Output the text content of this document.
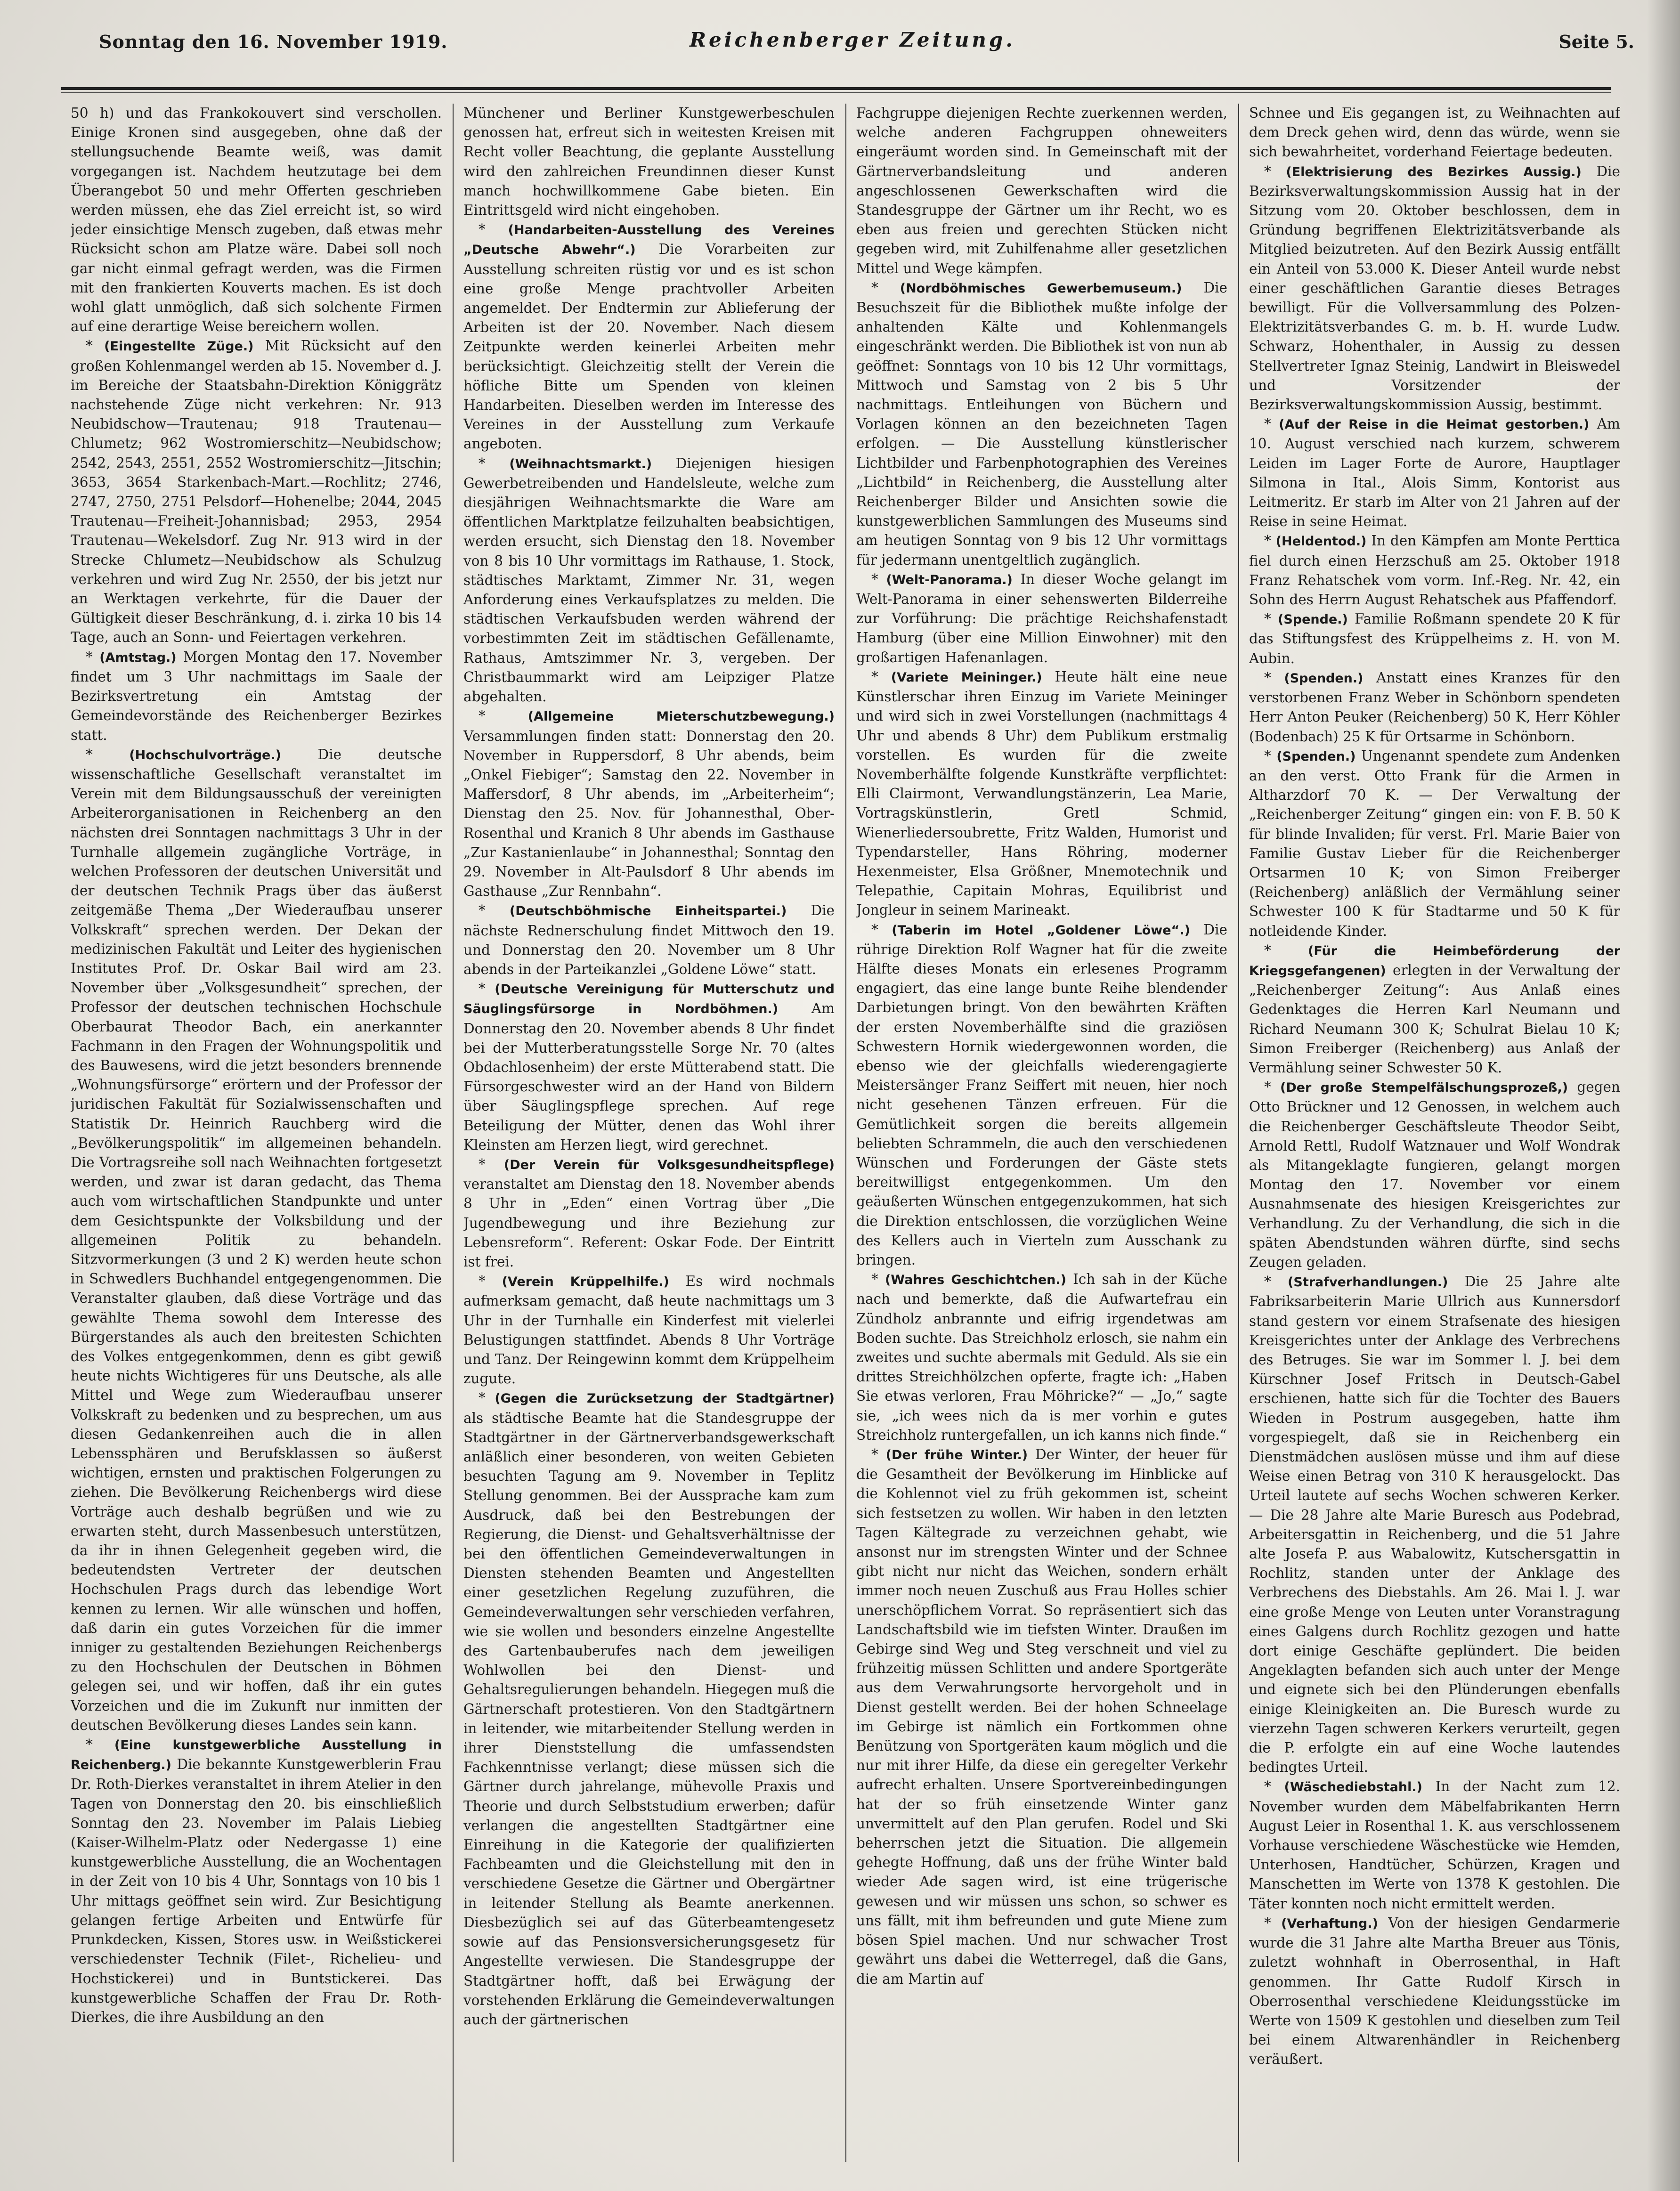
Sonntag den 16. November 1919.	Reichenberger Zeitung.	Seite 5.

50 h) und das Frankokouvert sind verschollen. Einige Kronen sind ausgegeben, ohne daß der stellungsuchende Beamte weiß, was damit vorgegangen ist. Nachdem heutzutage bei dem Überangebot 50 und mehr Offerten geschrieben werden müssen, ehe das Ziel erreicht ist, so wird jeder einsichtige Mensch zugeben, daß etwas mehr Rücksicht schon am Platze wäre. Dabei soll noch gar nicht einmal gefragt werden, was die Firmen mit den frankierten Kouverts machen. Es ist doch wohl glatt unmöglich, daß sich solchente Firmen auf eine derartige Weise bereichern wollen.

* (Eingestellte Züge.) Mit Rücksicht auf den großen Kohlenmangel werden ab 15. November d. J. im Bereiche der Staatsbahn-Direktion Königgrätz nachstehende Züge nicht verkehren: Nr. 913 Neubidschow—Trautenau; 918 Trautenau—Chlumetz; 962 Wostromierschitz—Neubidschow; 2542, 2543, 2551, 2552 Wostromierschitz—Jitschin; 3653, 3654 Starkenbach-Mart.—Rochlitz; 2746, 2747, 2750, 2751 Pelsdorf—Hohenelbe; 2044, 2045 Trautenau—Freiheit-Johannisbad; 2953, 2954 Trautenau—Wekelsdorf. Zug Nr. 913 wird in der Strecke Chlumetz—Neubidschow als Schulzug verkehren und wird Zug Nr. 2550, der bis jetzt nur an Werktagen verkehrte, für die Dauer der Gültigkeit dieser Beschränkung, d. i. zirka 10 bis 14 Tage, auch an Sonn- und Feiertagen verkehren.

* (Amtstag.) Morgen Montag den 17. November findet um 3 Uhr nachmittags im Saale der Bezirksvertretung ein Amtstag der Gemeindevorstände des Reichenberger Bezirkes statt.

* (Hochschulvorträge.)	Die deutsche wissenschaftliche Gesellschaft veranstaltet im Verein mit dem Bildungsausschuß der vereinigten Arbeiterorganisationen in Reichenberg an den nächsten drei Sonntagen nachmittags 3 Uhr in der Turnhalle allgemein zugängliche Vorträge, in welchen Professoren der deutschen Universität und der deutschen Technik Prags über das äußerst zeitgemäße Thema „Der Wiederaufbau unserer Volkskraft“ sprechen werden. Der Dekan der medizinischen Fakultät und Leiter des hygienischen Institutes Prof. Dr. Oskar Bail wird am 23. November über „Volksgesundheit“ sprechen, der Professor der deutschen technischen Hochschule Oberbaurat Theodor Bach, ein anerkannter Fachmann in den Fragen der Wohnungspolitik und des Bauwesens, wird die jetzt besonders brennende „Wohnungsfürsorge“ erörtern und der Professor der juridischen Fakultät für Sozialwissenschaften und Statistik Dr. Heinrich Rauchberg wird die „Bevölkerungspolitik“ im allgemeinen behandeln. Die Vortragsreihe soll nach Weihnachten fortgesetzt werden, und zwar ist daran gedacht, das Thema auch vom wirtschaftlichen Standpunkte und unter dem Gesichtspunkte der Volksbildung und der allgemeinen Politik zu behandeln. Sitzvormerkungen (3 und 2 K) werden heute schon in Schwedlers Buchhandel entgegengenommen. Die Veranstalter glauben, daß diese Vorträge und das gewählte Thema sowohl dem Interesse des Bürgerstandes als auch den breitesten Schichten des Volkes entgegenkommen, denn es gibt gewiß heute nichts Wichtigeres für uns Deutsche, als alle Mittel und Wege zum Wiederaufbau unserer Volkskraft zu bedenken und zu besprechen, um aus diesen Gedankenreihen auch die in allen Lebenssphären und Berufsklassen so äußerst wichtigen, ernsten und praktischen Folgerungen zu ziehen. Die Bevölkerung Reichenbergs wird diese Vorträge auch deshalb begrüßen und wie zu erwarten steht, durch Massenbesuch unterstützen, da ihr in ihnen Gelegenheit gegeben wird, die bedeutendsten Vertreter der deutschen Hochschulen Prags durch das lebendige Wort kennen zu lernen. Wir alle wünschen und hoffen, daß darin ein gutes Vorzeichen für die immer inniger zu gestaltenden Beziehungen Reichenbergs zu den Hochschulen der Deutschen in Böhmen gelegen sei, und wir hoffen, daß ihr ein gutes Vorzeichen und die im Zukunft nur inmitten der deutschen Bevölkerung dieses Landes sein kann.

* (Eine kunstgewerbliche Ausstellung in Reichenberg.) Die bekannte Kunstgewerblerin Frau Dr. Roth-Dierkes veranstaltet in ihrem Atelier in den Tagen von Donnerstag den 20. bis einschließlich Sonntag den 23. November im Palais Liebieg (Kaiser-Wilhelm-Platz oder Nedergasse 1) eine kunstgewerbliche Ausstellung, die an Wochentagen in der Zeit von 10 bis 4 Uhr, Sonntags von 10 bis 1 Uhr mittags geöffnet sein wird. Zur Besichtigung gelangen fertige Arbeiten und Entwürfe für Prunkdecken, Kissen, Stores usw. in Weißstickerei verschiedenster Technik (Filet-, Richelieu- und Hochstickerei) und in Buntstickerei. Das kunstgewerbliche Schaffen der Frau Dr. Roth-Dierkes, die ihre Ausbildung an den

Münchener und Berliner Kunstgewerbeschulen genossen hat, erfreut sich in weitesten Kreisen mit Recht voller Beachtung, die geplante Ausstellung wird den zahlreichen Freundinnen dieser Kunst manch hochwillkommene Gabe bieten. Ein Eintrittsgeld wird nicht eingehoben.

* (Handarbeiten-Ausstellung des Vereines „Deutsche Abwehr“.) Die Vorarbeiten zur Ausstellung schreiten rüstig vor und es ist schon eine große Menge prachtvoller Arbeiten angemeldet. Der Endtermin zur Ablieferung der Arbeiten ist der 20. November. Nach diesem Zeitpunkte werden keinerlei Arbeiten mehr berücksichtigt. Gleichzeitig stellt der Verein die höfliche Bitte um Spenden von kleinen Handarbeiten. Dieselben werden im Interesse des Vereines in der Ausstellung zum Verkaufe angeboten.

* (Weihnachtsmarkt.) Diejenigen hiesigen Gewerbetreibenden und Handelsleute, welche zum diesjährigen Weihnachtsmarkte die Ware am öffentlichen Marktplatze feilzuhalten beabsichtigen, werden ersucht, sich Dienstag den 18. November von 8 bis 10 Uhr vormittags im Rathause, 1. Stock, städtisches Marktamt, Zimmer Nr. 31, wegen Anforderung eines Verkaufsplatzes zu melden. Die städtischen Verkaufsbuden werden während der vorbestimmten Zeit im städtischen Gefällenamte, Rathaus, Amtszimmer Nr. 3, vergeben. Der Christbaummarkt wird am Leipziger Platze abgehalten.

* (Allgemeine Mieterschutzbewegung.) Versammlungen finden statt: Donnerstag den 20. November in Ruppersdorf, 8 Uhr abends, beim „Onkel Fiebiger“; Samstag den 22. November in Maffersdorf, 8 Uhr abends, im „Arbeiterheim“; Dienstag den 25. Nov. für Johannesthal, Ober-Rosenthal und Kranich 8 Uhr abends im Gasthause „Zur Kastanienlaube“ in Johannesthal; Sonntag den 29. November in Alt-Paulsdorf 8 Uhr abends im Gasthause „Zur Rennbahn“.

* (Deutschböhmische Einheitspartei.) Die nächste Rednerschulung findet Mittwoch den 19. und Donnerstag den 20. November um 8 Uhr abends in der Parteikanzlei „Goldene Löwe“ statt.

* (Deutsche Vereinigung für Mutterschutz und Säuglingsfürsorge in Nordböhmen.) Am Donnerstag den 20. November abends 8 Uhr findet bei der Mutterberatungsstelle Sorge Nr. 70 (altes Obdachlosenheim) der erste Mütterabend statt. Die Fürsorgeschwester wird an der Hand von Bildern über Säuglingspflege sprechen. Auf rege Beteiligung der Mütter, denen das Wohl ihrer Kleinsten am Herzen liegt, wird gerechnet.

* (Der Verein für Volksgesundheitspflege) veranstaltet am Dienstag den 18. November abends 8 Uhr in „Eden“ einen Vortrag über „Die Jugendbewegung und ihre Beziehung zur Lebensreform“. Referent: Oskar Fode. Der Eintritt ist frei.

* (Verein Krüppelhilfe.) Es wird nochmals aufmerksam gemacht, daß heute nachmittags um 3 Uhr in der Turnhalle ein Kinderfest mit vielerlei Belustigungen stattfindet. Abends 8 Uhr Vorträge und Tanz. Der Reingewinn kommt dem Krüppelheim zugute.

* (Gegen die Zurücksetzung der Stadtgärtner) als städtische Beamte hat die Standesgruppe der Stadtgärtner in der Gärtnerverbandsgewerkschaft anläßlich einer besonderen, von weiten Gebieten besuchten Tagung am 9. November in Teplitz Stellung genommen. Bei der Aussprache kam zum Ausdruck, daß bei den Bestrebungen der Regierung, die Dienst- und Gehaltsverhältnisse der bei den öffentlichen Gemeindeverwaltungen in Diensten stehenden Beamten und Angestellten einer gesetzlichen Regelung zuzuführen, die Gemeindeverwaltungen sehr verschieden verfahren, wie sie wollen und besonders einzelne Angestellte des Gartenbauberufes nach dem jeweiligen Wohlwollen bei den Dienst- und Gehaltsregulierungen behandeln. Hiegegen muß die Gärtnerschaft protestieren. Von den Stadtgärtnern in leitender, wie mitarbeitender Stellung werden in ihrer Dienststellung die umfassendsten Fachkenntnisse verlangt; diese müssen sich die Gärtner durch jahrelange, mühevolle Praxis und Theorie und durch Selbststudium erwerben; dafür verlangen die angestellten Stadtgärtner eine Einreihung in die Kategorie der qualifizierten Fachbeamten und die Gleichstellung mit den in verschiedene Gesetze die Gärtner und Obergärtner in leitender Stellung als Beamte anerkennen. Diesbezüglich sei auf das Güterbeamtengesetz sowie auf das Pensionsversicherungsgesetz für Angestellte verwiesen. Die Standesgruppe der Stadtgärtner hofft, daß bei Erwägung der vorstehenden Erklärung die Gemeindeverwaltungen auch der gärtnerischen

Fachgruppe diejenigen Rechte zuerkennen werden, welche anderen Fachgruppen ohneweiters eingeräumt worden sind. In Gemeinschaft mit der Gärtnerverbandsleitung und anderen angeschlossenen Gewerkschaften wird die Standesgruppe der Gärtner um ihr Recht, wo es eben aus freien und gerechten Stücken nicht gegeben wird, mit Zuhilfenahme aller gesetzlichen Mittel und Wege kämpfen.

* (Nordböhmisches Gewerbemuseum.) Die Besuchszeit für die Bibliothek mußte infolge der anhaltenden Kälte und Kohlenmangels eingeschränkt werden. Die Bibliothek ist von nun ab geöffnet: Sonntags von 10 bis 12 Uhr vormittags, Mittwoch und Samstag von 2 bis 5 Uhr nachmittags. Entleihungen von Büchern und Vorlagen können an den bezeichneten Tagen erfolgen. — Die Ausstellung künstlerischer Lichtbilder und Farbenphotographien des Vereines „Lichtbild“ in Reichenberg, die Ausstellung alter Reichenberger Bilder und Ansichten sowie die kunstgewerblichen Sammlungen des Museums sind am heutigen Sonntag von 9 bis 12 Uhr vormittags für jedermann unentgeltlich zugänglich.

* (Welt-Panorama.) In dieser Woche gelangt im Welt-Panorama in einer sehenswerten Bilderreihe zur Vorführung: Die prächtige Reichshafenstadt Hamburg (über eine Million Einwohner) mit den großartigen Hafenanlagen.

* (Variete Meininger.) Heute hält eine neue Künstlerschar ihren Einzug im Variete Meininger und wird sich in zwei Vorstellungen (nachmittags 4 Uhr und abends 8 Uhr) dem Publikum erstmalig vorstellen. Es wurden für die zweite Novemberhälfte folgende Kunstkräfte verpflichtet: Elli Clairmont, Verwandlungstänzerin, Lea Marie, Vortragskünstlerin, Gretl Schmid, Wienerliedersoubrette, Fritz Walden, Humorist und Typendarsteller, Hans Röhring, moderner Hexenmeister, Elsa Größner, Mnemotechnik und Telepathie, Capitain Mohras, Equilibrist und Jongleur in seinem Marineakt.

* (Taberin im Hotel „Goldener Löwe“.) Die rührige Direktion Rolf Wagner hat für die zweite Hälfte dieses Monats ein erlesenes Programm engagiert, das eine lange bunte Reihe blendender Darbietungen bringt. Von den bewährten Kräften der ersten Novemberhälfte sind die graziösen Schwestern Hornik wiedergewonnen worden, die ebenso wie der gleichfalls wiederengagierte Meistersänger Franz Seiffert mit neuen, hier noch nicht gesehenen Tänzen erfreuen. Für die Gemütlichkeit sorgen die bereits allgemein beliebten Schrammeln, die auch den verschiedenen Wünschen und Forderungen der Gäste stets bereitwilligst entgegenkommen. Um den geäußerten Wünschen entgegenzukommen, hat sich die Direktion entschlossen, die vorzüglichen Weine des Kellers auch in Vierteln zum Ausschank zu bringen.

* (Wahres Geschichtchen.) Ich sah in der Küche nach und bemerkte, daß die Aufwartefrau ein Zündholz anbrannte und eifrig irgendetwas am Boden suchte. Das Streichholz erlosch, sie nahm ein zweites und suchte abermals mit Geduld. Als sie ein drittes Streichhölzchen opferte, fragte ich: „Haben Sie etwas verloren, Frau Möhricke?“ — „Jo,“ sagte sie, „ich wees nich da is mer vorhin e gutes Streichholz runtergefallen, un ich kanns nich finde.“

* (Der frühe Winter.) Der Winter, der heuer für die Gesamtheit der Bevölkerung im Hinblicke auf die Kohlennot viel zu früh gekommen ist, scheint sich festsetzen zu wollen. Wir haben in den letzten Tagen Kältegrade zu verzeichnen gehabt, wie ansonst nur im strengsten Winter und der Schnee gibt nicht nur nicht das Weichen, sondern erhält immer noch neuen Zuschuß aus Frau Holles schier unerschöpflichem Vorrat. So repräsentiert sich das Landschaftsbild wie im tiefsten Winter. Draußen im Gebirge sind Weg und Steg verschneit und viel zu frühzeitig müssen Schlitten und andere Sportgeräte aus dem Verwahrungsorte hervorgeholt und in Dienst gestellt werden. Bei der hohen Schneelage im Gebirge ist nämlich ein Fortkommen ohne Benützung von Sportgeräten kaum möglich und die nur mit ihrer Hilfe, da diese ein geregelter Verkehr aufrecht erhalten. Unsere Sportvereinbedingungen hat der so früh einsetzende Winter ganz unvermittelt auf den Plan gerufen. Rodel und Ski beherrschen jetzt die Situation. Die allgemein gehegte Hoffnung, daß uns der frühe Winter bald wieder Ade sagen wird, ist eine trügerische gewesen und wir müssen uns schon, so schwer es uns fällt, mit ihm befreunden und gute Miene zum bösen Spiel machen. Und nur schwacher Trost gewährt uns dabei die Wetterregel, daß die Gans, die am Martin auf

Schnee und Eis gegangen ist, zu Weihnachten auf dem Dreck gehen wird, denn das würde, wenn sie sich bewahrheitet, vorderhand Feiertage bedeuten.

* (Elektrisierung des Bezirkes Aussig.) Die Bezirksverwaltungskommission Aussig hat in der Sitzung vom 20. Oktober beschlossen, dem in Gründung begriffenen Elektrizitätsverbande als Mitglied beizutreten. Auf den Bezirk Aussig entfällt ein Anteil von 53.000 K. Dieser Anteil wurde nebst einer geschäftlichen Garantie dieses Betrages bewilligt. Für die Vollversammlung des Polzen-Elektrizitätsverbandes G. m. b. H. wurde Ludw. Schwarz, Hohenthaler, in Aussig zu dessen Stellvertreter Ignaz Steinig, Landwirt in Bleiswedel und Vorsitzender der Bezirksverwaltungskommission Aussig, bestimmt.

* (Auf der Reise in die Heimat gestorben.) Am 10. August verschied nach kurzem, schwerem Leiden im Lager Forte de Aurore, Hauptlager Silmona in Ital., Alois Simm, Kontorist aus Leitmeritz. Er starb im Alter von 21 Jahren auf der Reise in seine Heimat.

* (Heldentod.) In den Kämpfen am Monte Perttica fiel durch einen Herzschuß am 25. Oktober 1918 Franz Rehatschek vom vorm. Inf.-Reg. Nr. 42, ein Sohn des Herrn August Rehatschek aus Pfaffendorf.

* (Spende.) Familie Roßmann spendete 20 K für das Stiftungsfest des Krüppelheims z. H. von M. Aubin.

* (Spenden.) Anstatt eines Kranzes für den verstorbenen Franz Weber in Schönborn spendeten Herr Anton Peuker (Reichenberg) 50 K, Herr Köhler (Bodenbach) 25 K für Ortsarme in Schönborn.

* (Spenden.) Ungenannt spendete zum Andenken an den verst. Otto Frank für die Armen in Altharzdorf 70 K. — Der Verwaltung der „Reichenberger Zeitung“ gingen ein: von F. B. 50 K für blinde Invaliden; für verst. Frl. Marie Baier von Familie Gustav Lieber für die Reichenberger Ortsarmen 10 K; von Simon Freiberger (Reichenberg) anläßlich der Vermählung seiner Schwester 100 K für Stadtarme und 50 K für notleidende Kinder.

* (Für die Heimbeförderung der Kriegsgefangenen) erlegten in der Verwaltung der „Reichenberger Zeitung“: Aus Anlaß eines Gedenktages die Herren Karl Neumann und Richard Neumann 300 K; Schulrat Bielau 10 K; Simon Freiberger (Reichenberg) aus Anlaß der Vermählung seiner Schwester 50 K.

* (Der große Stempelfälschungsprozeß,) gegen Otto Brückner und 12 Genossen, in welchem auch die Reichenberger Geschäftsleute Theodor Seibt, Arnold Rettl, Rudolf Watznauer und Wolf Wondrak als Mitangeklagte fungieren, gelangt morgen Montag den 17. November vor einem Ausnahmsenate des hiesigen Kreisgerichtes zur Verhandlung. Zu der Verhandlung, die sich in die späten Abendstunden währen dürfte, sind sechs Zeugen geladen.

* (Strafverhandlungen.) Die 25 Jahre alte Fabriksarbeiterin Marie Ullrich aus Kunnersdorf stand gestern vor einem Strafsenate des hiesigen Kreisgerichtes unter der Anklage des Verbrechens des Betruges. Sie war im Sommer l. J. bei dem Kürschner Josef Fritsch in Deutsch-Gabel erschienen, hatte sich für die Tochter des Bauers Wieden in Postrum ausgegeben, hatte ihm vorgespiegelt, daß sie in Reichenberg ein Dienstmädchen auslösen müsse und ihm auf diese Weise einen Betrag von 310 K herausgelockt. Das Urteil lautete auf sechs Wochen schweren Kerker. — Die 28 Jahre alte Marie Buresch aus Podebrad, Arbeitersgattin in Reichenberg, und die 51 Jahre alte Josefa P. aus Wabalowitz, Kutschersgattin in Rochlitz, standen unter der Anklage des Verbrechens des Diebstahls. Am 26. Mai l. J. war eine große Menge von Leuten unter Voranstragung eines Galgens durch Rochlitz gezogen und hatte dort einige Geschäfte geplündert. Die beiden Angeklagten befanden sich auch unter der Menge und eignete sich bei den Plünderungen ebenfalls einige Kleinigkeiten an. Die Buresch wurde zu vierzehn Tagen schweren Kerkers verurteilt, gegen die P. erfolgte ein auf eine Woche lautendes bedingtes Urteil.

* (Wäschediebstahl.) In der Nacht zum 12. November wurden dem Mäbelfabrikanten Herrn August Leier in Rosenthal 1. K. aus verschlossenem Vorhause verschiedene Wäschestücke wie Hemden, Unterhosen, Handtücher, Schürzen, Kragen und Manschetten im Werte von 1378 K gestohlen. Die Täter konnten noch nicht ermittelt werden.

* (Verhaftung.) Von der hiesigen Gendarmerie wurde die 31 Jahre alte Martha Breuer aus Tönis, zuletzt wohnhaft in Oberrosenthal, in Haft genommen. Ihr Gatte Rudolf Kirsch in Oberrosenthal verschiedene Kleidungsstücke im Werte von 1509 K gestohlen und dieselben zum Teil bei einem Altwarenhändler in Reichenberg veräußert.
